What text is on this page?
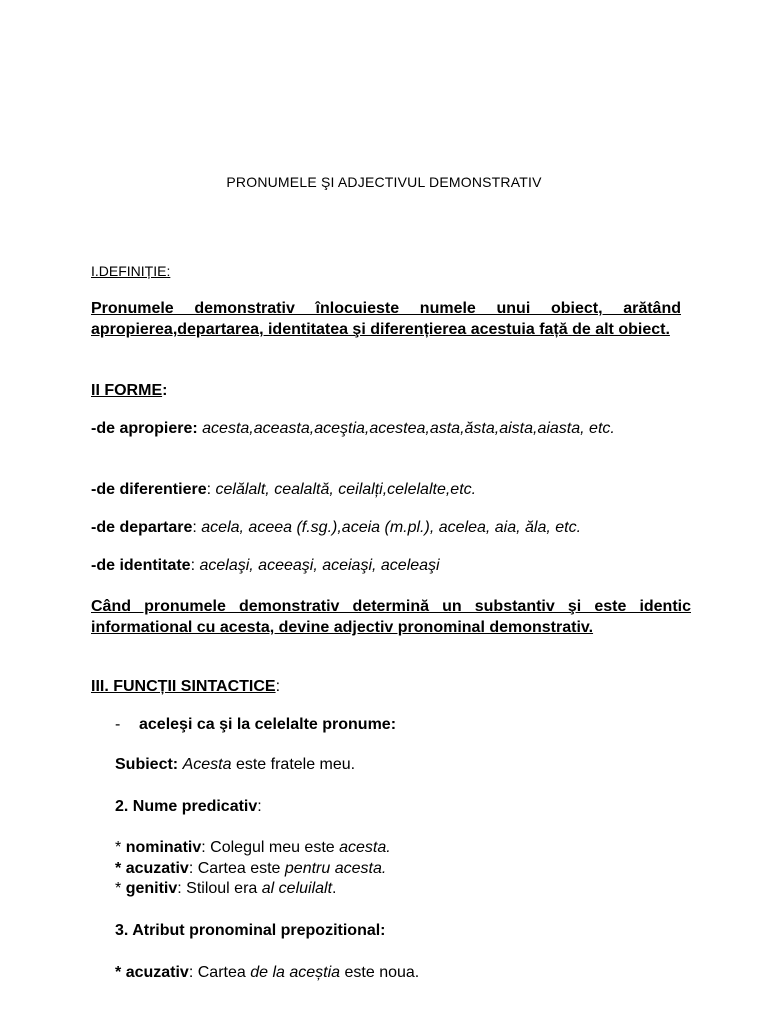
PRONUMELE ŞI ADJECTIVUL DEMONSTRATIV
I.DEFINIȚIE:
Pronumele demonstrativ înlocuieste numele unui obiect, arătând apropierea,departarea, identitatea şi diferențierea acestuia față de alt obiect.
II FORME:
-de apropiere: acesta,aceasta,aceştia,acestea,asta,ăsta,aista,aiasta, etc.
-de diferentiere: celălalt, cealaltă, ceilalți,celelalte,etc.
-de departare: acela, aceea (f.sg.),aceia (m.pl.), acelea, aia, ăla, etc.
-de identitate: acelaşi, aceeaşi, aceiaşi, aceleaşi
Când pronumele demonstrativ determină un substantiv şi este identic informational cu acesta, devine adjectiv pronominal demonstrativ.
III. FUNCȚII SINTACTICE:
- aceleşi ca şi la celelalte pronume:
Subiect: Acesta este fratele meu.
2. Nume predicativ:
* nominativ: Colegul meu este acesta.
* acuzativ: Cartea este pentru acesta.
* genitiv: Stiloul era al celuilalt.
3. Atribut pronominal prepozitional:
* acuzativ: Cartea de la aceștia este noua.
